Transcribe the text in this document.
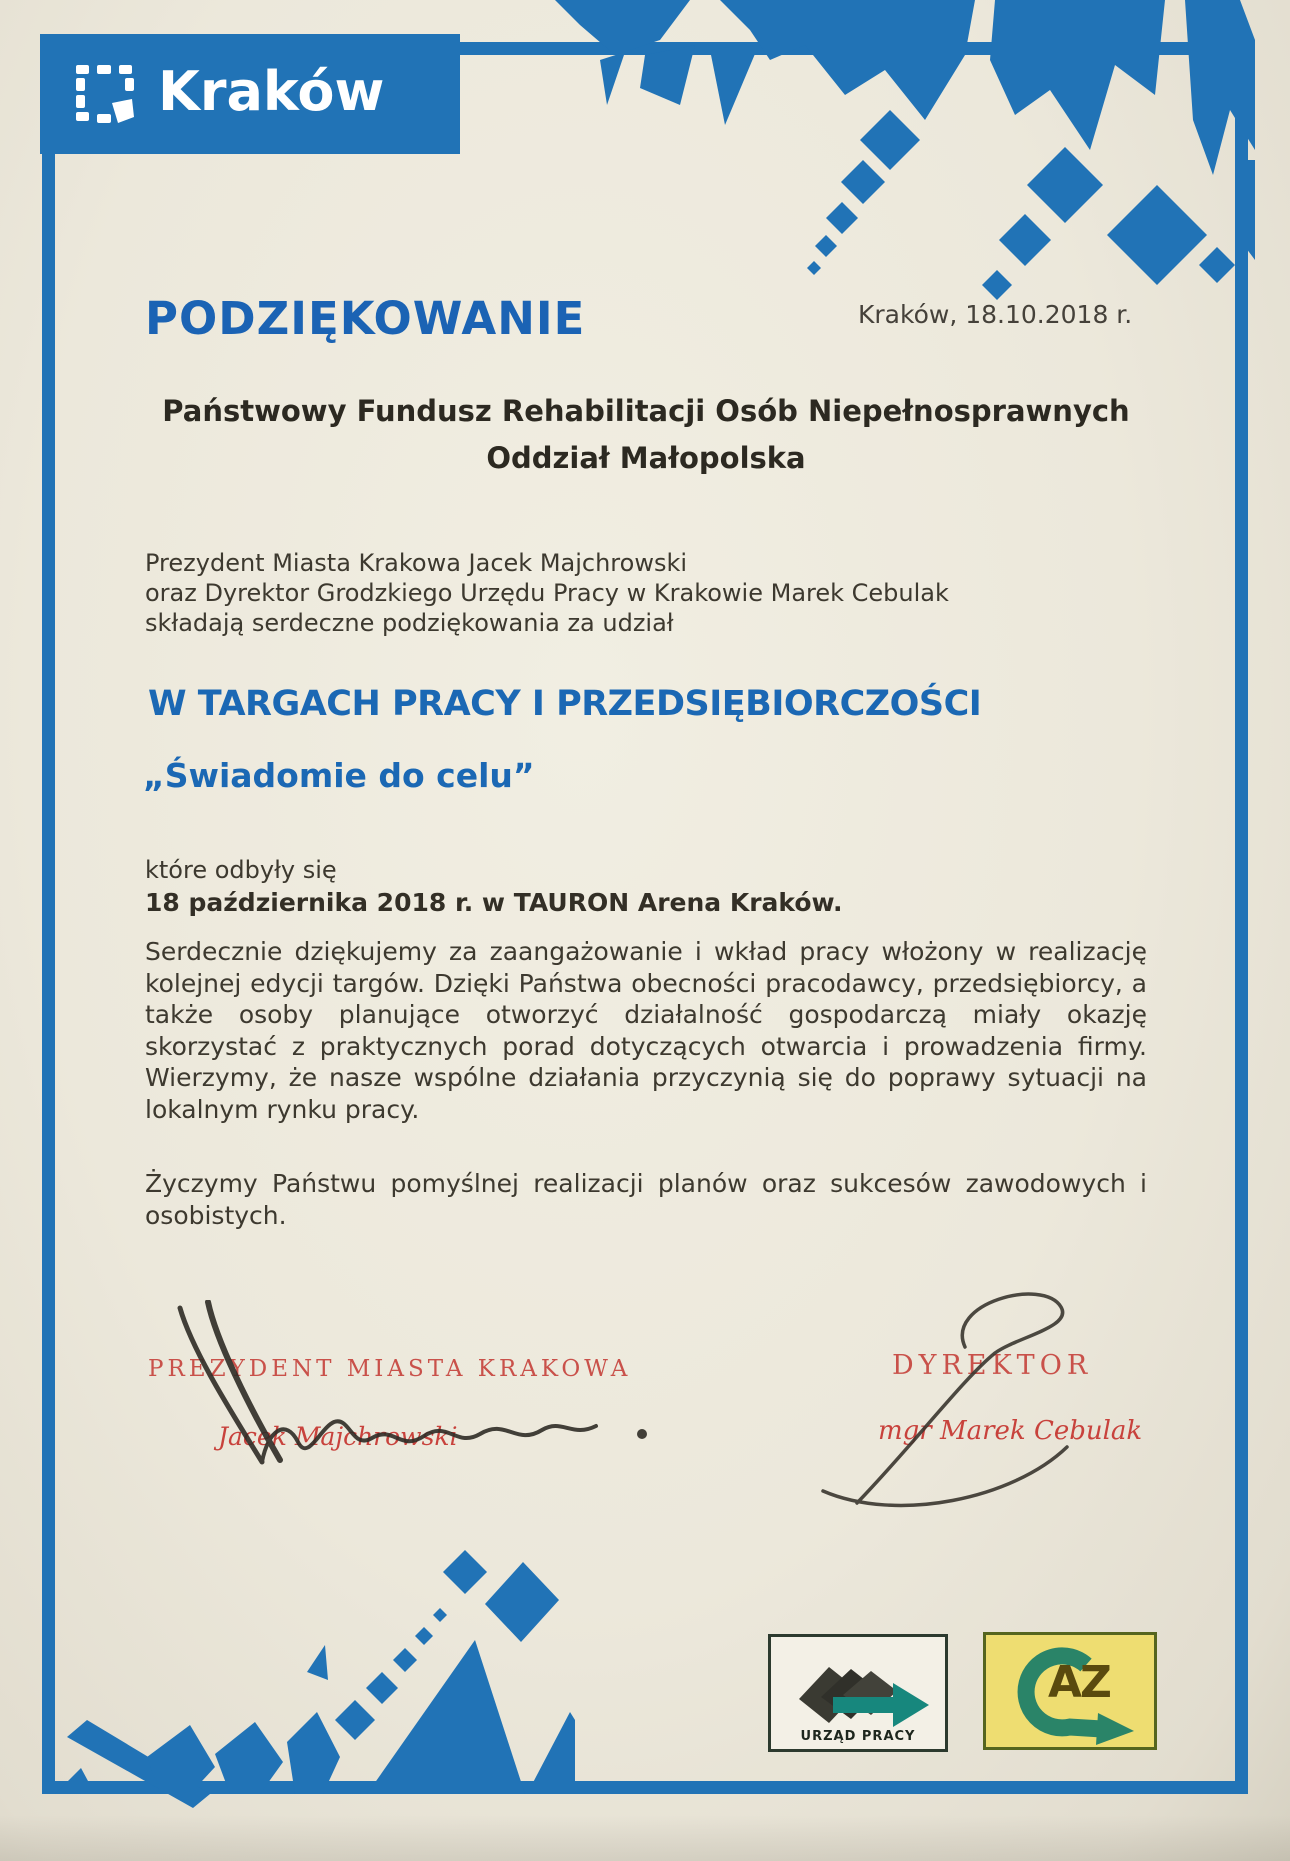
Kraków
PODZIĘKOWANIE	Kraków, 18.10.2018 r.
Państwowy Fundusz Rehabilitacji Osób Niepełnosprawnych
Oddział Małopolska
Prezydent Miasta Krakowa Jacek Majchrowski
oraz Dyrektor Grodzkiego Urzędu Pracy w Krakowie Marek Cebulak
składają serdeczne podziękowania za udział
W TARGACH PRACY I PRZEDSIĘBIORCZOŚCI
„Świadomie do celu”
które odbyły się
18 października 2018 r. w TAURON Arena Kraków.
Serdecznie dziękujemy za zaangażowanie i wkład pracy włożony w realizację kolejnej edycji targów. Dzięki Państwa obecności pracodawcy, przedsiębiorcy, a także osoby planujące otworzyć działalność gospodarczą miały okazję skorzystać z praktycznych porad dotyczących otwarcia i prowadzenia firmy. Wierzymy, że nasze wspólne działania przyczynią się do poprawy sytuacji na lokalnym rynku pracy.
Życzymy Państwu pomyślnej realizacji planów oraz sukcesów zawodowych i osobistych.
PREZYDENT MIASTA KRAKOWA
Jacek Majchrowski
DYREKTOR
mgr Marek Cebulak
URZĄD PRACY
AZ
